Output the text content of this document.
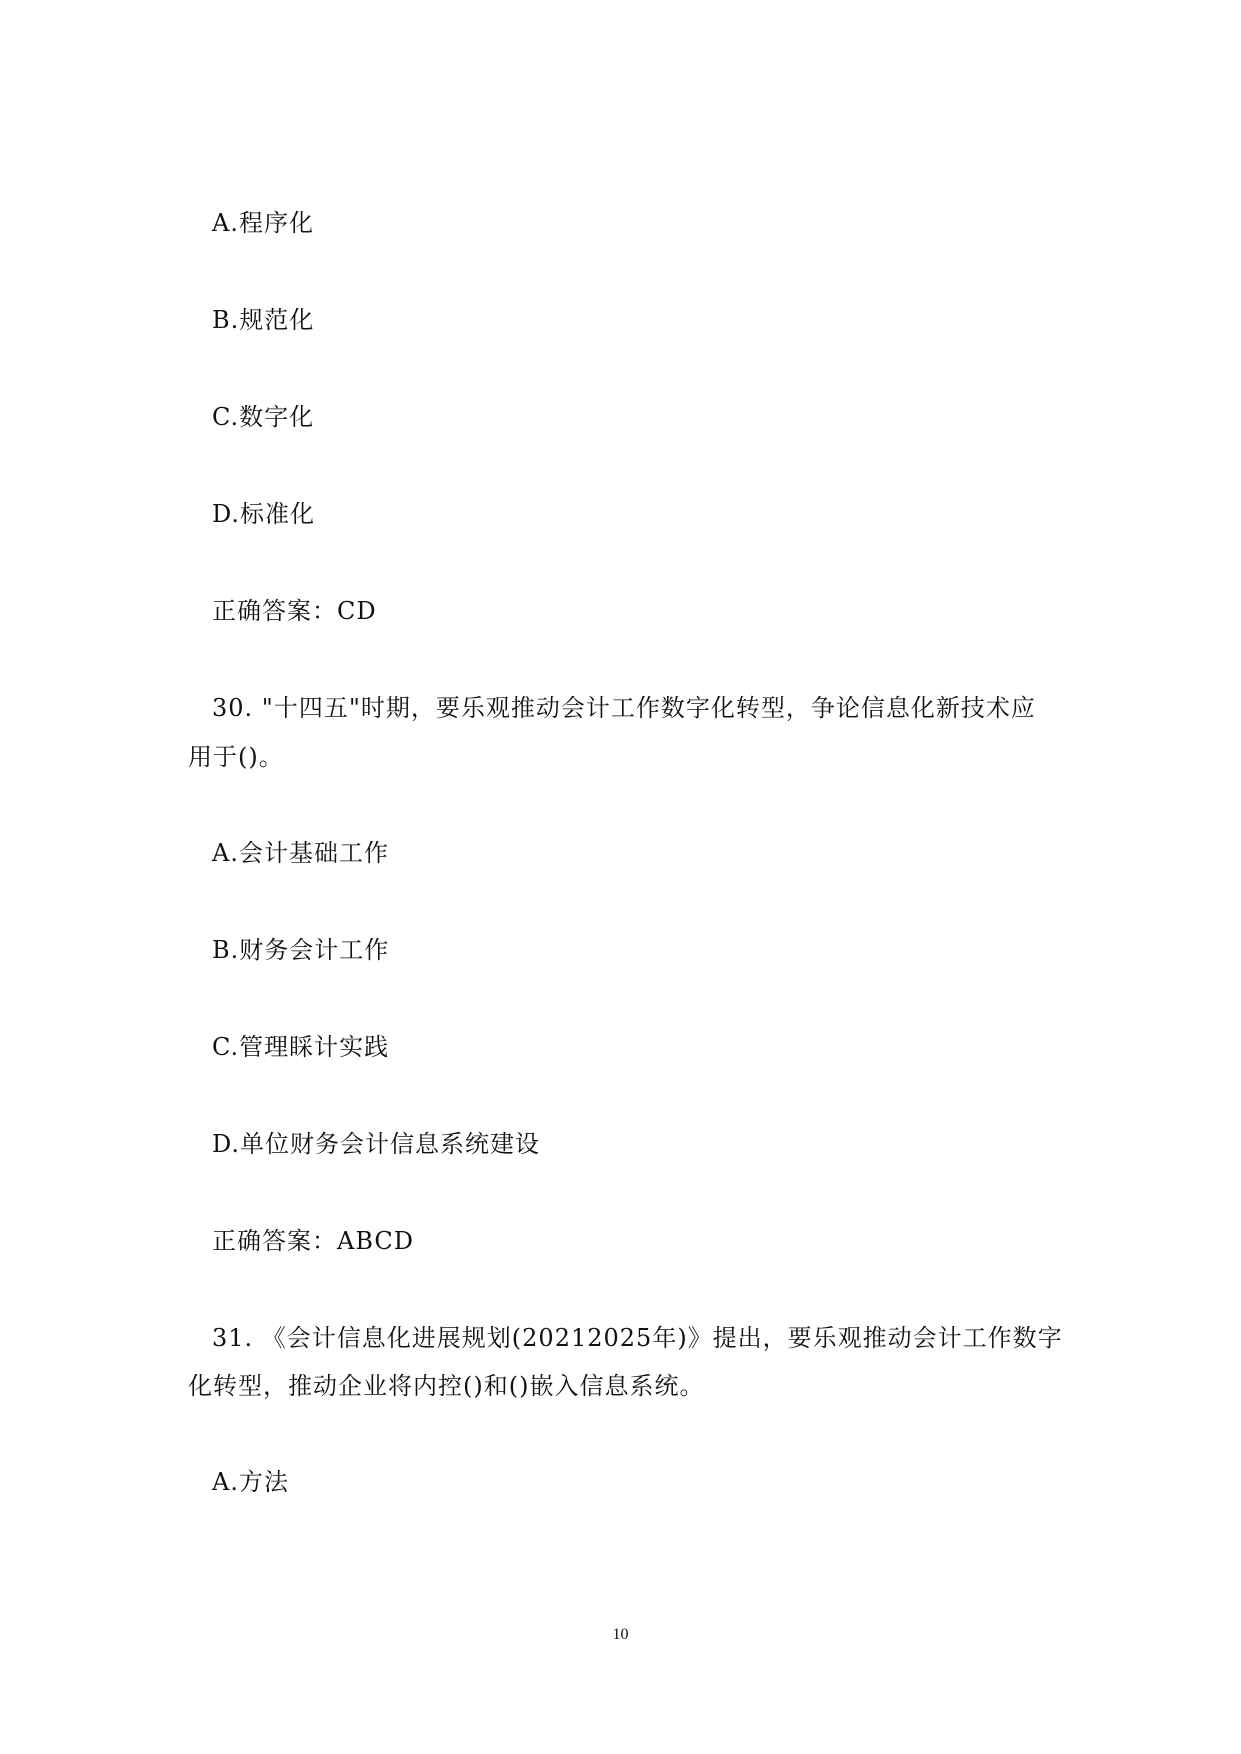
A.程序化
B.规范化
C.数字化
D.标准化
正确答案：CD
30. "十四五"时期，要乐观推动会计工作数字化转型，争论信息化新技术应
用于()。
A.会计基础工作
B.财务会计工作
C.管理睬计实践
D.单位财务会计信息系统建设
正确答案：ABCD
31. 《会计信息化进展规划(20212025年)》提出，要乐观推动会计工作数字
化转型，推动企业将内控()和()嵌入信息系统。
A.方法
10
